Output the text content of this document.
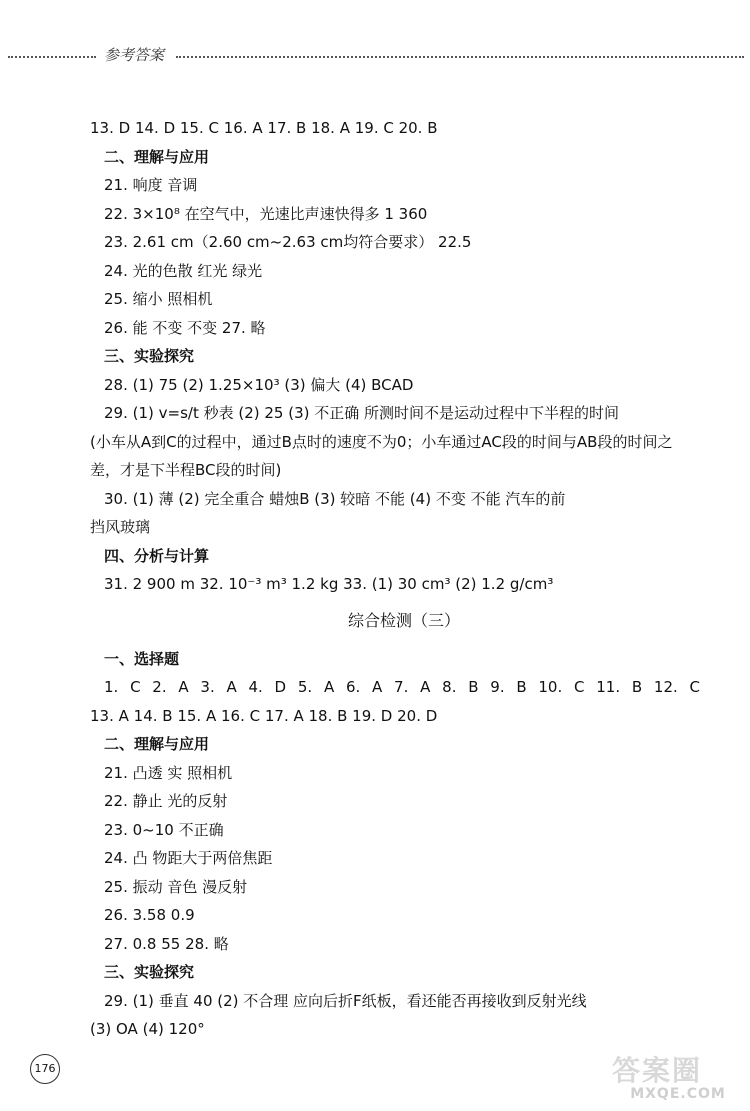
参考答案
13. D 14. D 15. C 16. A 17. B 18. A 19. C 20. B
二、理解与应用
21. 响度 音调
22. 3×10⁸ 在空气中，光速比声速快得多 1 360
23. 2.61 cm（2.60 cm~2.63 cm均符合要求） 22.5
24. 光的色散 红光 绿光
25. 缩小 照相机
26. 能 不变 不变 27. 略
三、实验探究
28. (1) 75 (2) 1.25×10³ (3) 偏大 (4) BCAD
29. (1) v=s/t 秒表 (2) 25 (3) 不正确 所测时间不是运动过程中下半程的时间
(小车从A到C的过程中，通过B点时的速度不为0；小车通过AC段的时间与AB段的时间之
差，才是下半程BC段的时间)
30. (1) 薄 (2) 完全重合 蜡烛B (3) 较暗 不能 (4) 不变 不能 汽车的前
挡风玻璃
四、分析与计算
31. 2 900 m 32. 10⁻³ m³ 1.2 kg 33. (1) 30 cm³ (2) 1.2 g/cm³
综合检测（三）
一、选择题
1. C 2. A 3. A 4. D 5. A 6. A 7. A 8. B 9. B 10. C 11. B 12. C
13. A 14. B 15. A 16. C 17. A 18. B 19. D 20. D
二、理解与应用
21. 凸透 实 照相机
22. 静止 光的反射
23. 0~10 不正确
24. 凸 物距大于两倍焦距
25. 振动 音色 漫反射
26. 3.58 0.9
27. 0.8 55 28. 略
三、实验探究
29. (1) 垂直 40 (2) 不合理 应向后折F纸板，看还能否再接收到反射光线
(3) OA (4) 120°
176	答案圈
MXQE.COM
